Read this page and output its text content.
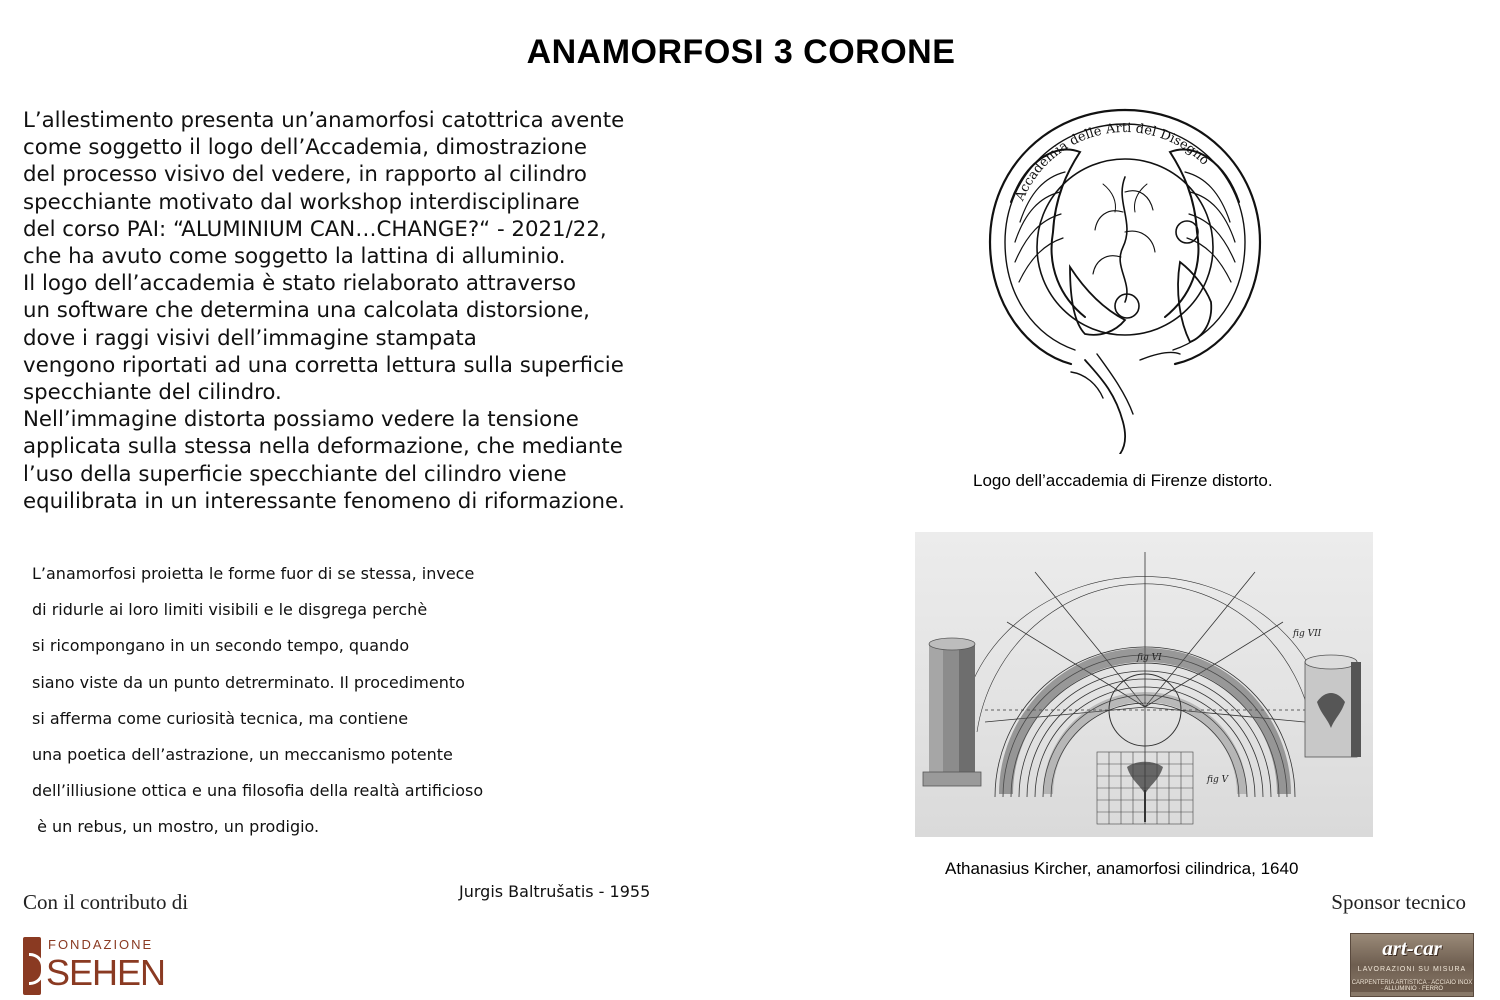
ANAMORFOSI 3 CORONE
L’allestimento presenta un’anamorfosi catottrica avente
come soggetto il logo dell’Accademia, dimostrazione
del processo visivo del vedere, in rapporto al cilindro
specchiante motivato dal workshop interdisciplinare
del corso PAI: “ALUMINIUM CAN…CHANGE?“ - 2021/22,
che ha avuto come soggetto la lattina di alluminio.
Il logo dell’accademia è stato rielaborato attraverso
un software che determina una calcolata distorsione,
dove i raggi visivi dell’immagine stampata
vengono riportati ad una corretta lettura sulla superficie
specchiante del cilindro.
Nell’immagine distorta possiamo vedere la tensione
applicata sulla stessa nella deformazione, che mediante
l’uso della superficie specchiante del cilindro viene
equilibrata in un interessante fenomeno di riformazione.
L’anamorfosi proietta le forme fuor di se stessa, invece
di ridurle ai loro limiti visibili e le disgrega perchè
si ricompongano in un secondo tempo, quando
siano viste da un punto detrerminato. Il procedimento
si afferma come curiosità tecnica, ma contiene
una poetica dell’astrazione, un meccanismo potente
dell’illiusione ottica e una filosofia della realtà artificioso
è un rebus, un mostro, un prodigio.
Jurgis Baltrušatis - 1955
Accademia delle Arti del Disegno
Logo dell’accademia di Firenze distorto.
fig VI
fig VII
fig V
Athanasius Kircher, anamorfosi cilindrica, 1640
Con il contributo di	Sponsor tecnico
FONDAZIONE
SEHEN
art-car
LAVORAZIONI SU MISURA
CARPENTERIA ARTISTICA · ACCIAIO INOX · ALLUMINIO · FERRO
